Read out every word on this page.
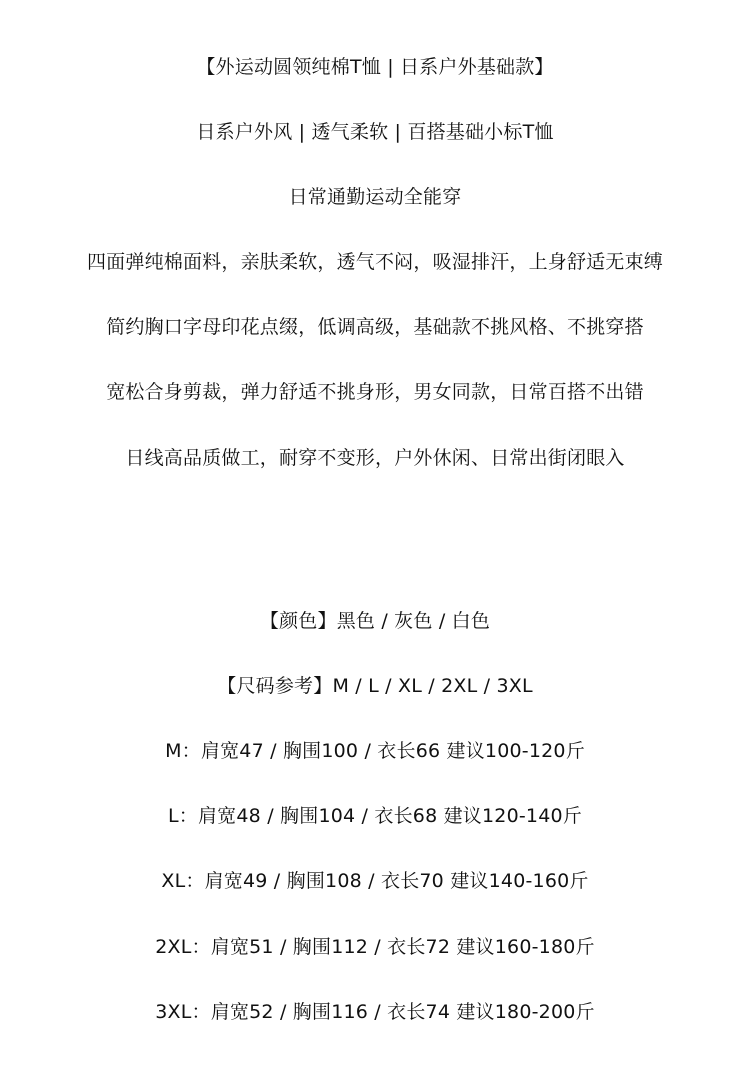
【外运动圆领纯棉T恤 | 日系户外基础款】
日系户外风 | 透气柔软 | 百搭基础小标T恤
日常通勤运动全能穿
四面弹纯棉面料，亲肤柔软，透气不闷，吸湿排汗，上身舒适无束缚
简约胸口字母印花点缀，低调高级，基础款不挑风格、不挑穿搭
宽松合身剪裁，弹力舒适不挑身形，男女同款，日常百搭不出错
日线高品质做工，耐穿不变形，户外休闲、日常出街闭眼入
【颜色】黑色 / 灰色 / 白色
【尺码参考】M / L / XL / 2XL / 3XL
M：肩宽47 / 胸围100 / 衣长66 建议100-120斤
L：肩宽48 / 胸围104 / 衣长68 建议120-140斤
XL：肩宽49 / 胸围108 / 衣长70 建议140-160斤
2XL：肩宽51 / 胸围112 / 衣长72 建议160-180斤
3XL：肩宽52 / 胸围116 / 衣长74 建议180-200斤
